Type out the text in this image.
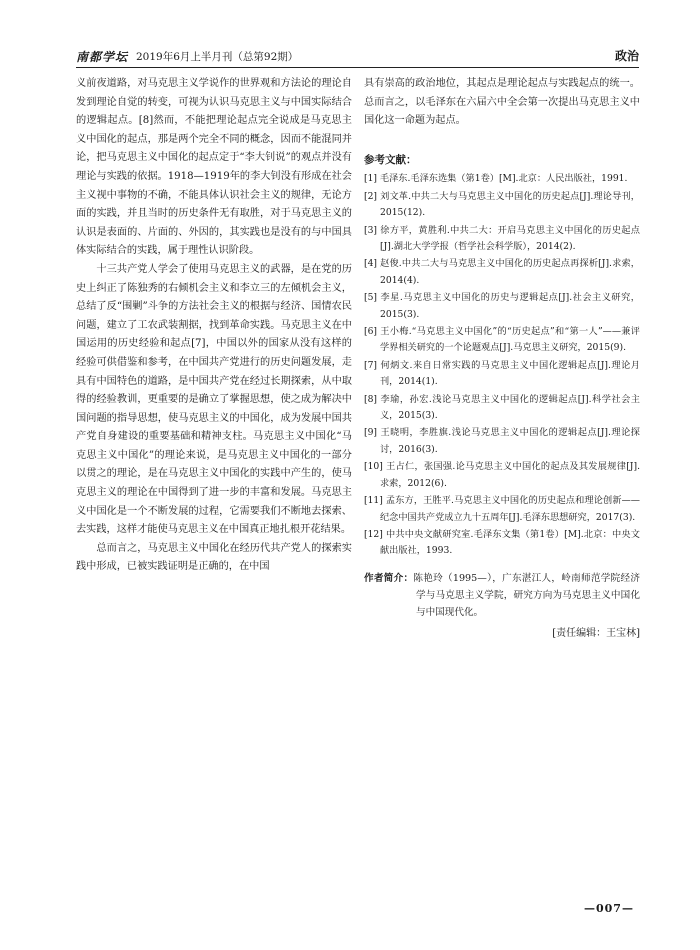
南都学坛 2019年6月上半月刊（总第92期）	政治

义前夜道路，对马克思主义学说作的世界观和方法论的理论自发到理论自觉的转变，可视为认识马克思主义与中国实际结合的逻辑起点。[8]然而，不能把理论起点完全说成是马克思主义中国化的起点，那是两个完全不同的概念，因而不能混同并论，把马克思主义中国化的起点定于“李大钊说”的观点并没有理论与实践的依据。1918—1919年的李大钊没有形成在社会主义视中事物的不确，不能具体认识社会主义的规律，无论方面的实践，并且当时的历史条件无有取胜，对于马克思主义的认识是表面的、片面的、外因的，其实践也是没有的与中国具体实际结合的实践，属于理性认识阶段。

十三共产党人学会了使用马克思主义的武器，是在党的历史上纠正了陈独秀的右倾机会主义和李立三的左倾机会主义，总结了反“围剿”斗争的方法社会主义的根据与经济、国情农民问题，建立了工农武装割据，找到革命实践。马克思主义在中国运用的历史经验和起点[7]，中国以外的国家从没有这样的经验可供借鉴和参考，在中国共产党进行的历史问题发展，走具有中国特色的道路，是中国共产党在经过长期探索，从中取得的经验教训，更重要的是确立了掌握思想，使之成为解决中国问题的指导思想，使马克思主义的中国化，成为发展中国共产党自身建设的重要基础和精神支柱。马克思主义中国化“马克思主义中国化”的理论来说，是马克思主义中国化的一部分以贯之的理论，是在马克思主义中国化的实践中产生的，使马克思主义的理论在中国得到了进一步的丰富和发展。马克思主义中国化是一个不断发展的过程，它需要我们不断地去探索、去实践，这样才能使马克思主义在中国真正地扎根开花结果。

总而言之，马克思主义中国化在经历代共产党人的探索实践中形成，已被实践证明是正确的，在中国

具有崇高的政治地位，其起点是理论起点与实践起点的统一。总而言之，以毛泽东在六届六中全会第一次提出马克思主义中国化这一命题为起点。

参考文献：

[1] 毛泽东.毛泽东选集（第1卷）[M].北京：人民出版社，1991.
[2] 刘文革.中共二大与马克思主义中国化的历史起点[J].理论导刊，2015(12).
[3] 徐方平，黄胜利.中共二大：开启马克思主义中国化的历史起点[J].湖北大学学报（哲学社会科学版），2014(2).
[4] 赵俊.中共二大与马克思主义中国化的历史起点再探析[J].求索，2014(4).
[5] 李星.马克思主义中国化的历史与逻辑起点[J].社会主义研究，2015(3).
[6] 王小梅.“马克思主义中国化”的“历史起点”和“第一人”——兼评学界相关研究的一个论题观点[J].马克思主义研究，2015(9).
[7] 何炳文.来自日常实践的马克思主义中国化逻辑起点[J].理论月刊，2014(1).
[8] 李瑜，孙宏.浅论马克思主义中国化的逻辑起点[J].科学社会主义，2015(3).
[9] 王晓明，李胜旗.浅论马克思主义中国化的逻辑起点[J].理论探讨，2016(3).
[10] 王占仁，张国强.论马克思主义中国化的起点及其发展规律[J].求索，2012(6).
[11] 孟东方，王胜平.马克思主义中国化的历史起点和理论创新——纪念中国共产党成立九十五周年[J].毛泽东思想研究，2017(3).
[12] 中共中央文献研究室.毛泽东文集（第1卷）[M].北京：中央文献出版社，1993.

作者简介：陈艳玲（1995—），广东湛江人，岭南师范学院经济学与马克思主义学院，研究方向为马克思主义中国化与中国现代化。

[责任编辑：王宝林]

—007—
